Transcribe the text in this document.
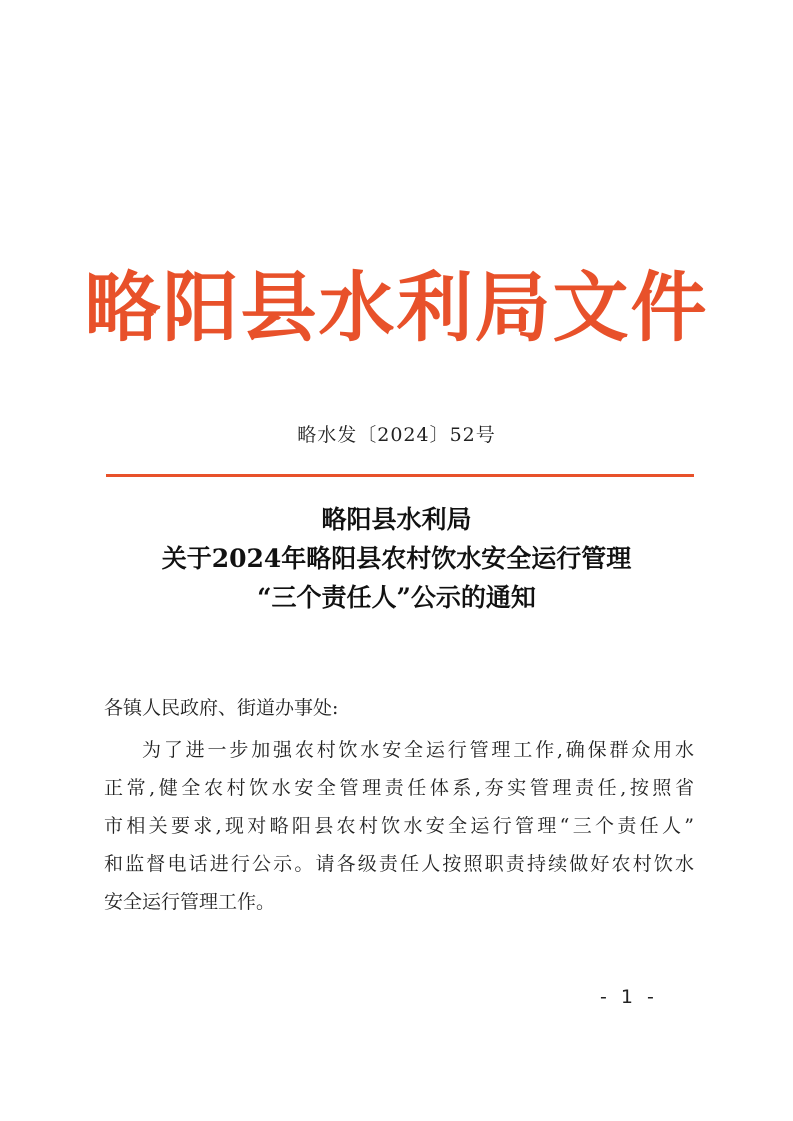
略阳县水利局文件
略水发〔2024〕52号
略阳县水利局
关于2024年略阳县农村饮水安全运行管理
“三个责任人”公示的通知
各镇人民政府、街道办事处:
为了进一步加强农村饮水安全运行管理工作,确保群众用水
正常,健全农村饮水安全管理责任体系,夯实管理责任,按照省
市相关要求,现对略阳县农村饮水安全运行管理“三个责任人”
和监督电话进行公示。请各级责任人按照职责持续做好农村饮水
安全运行管理工作。
- 1 -
